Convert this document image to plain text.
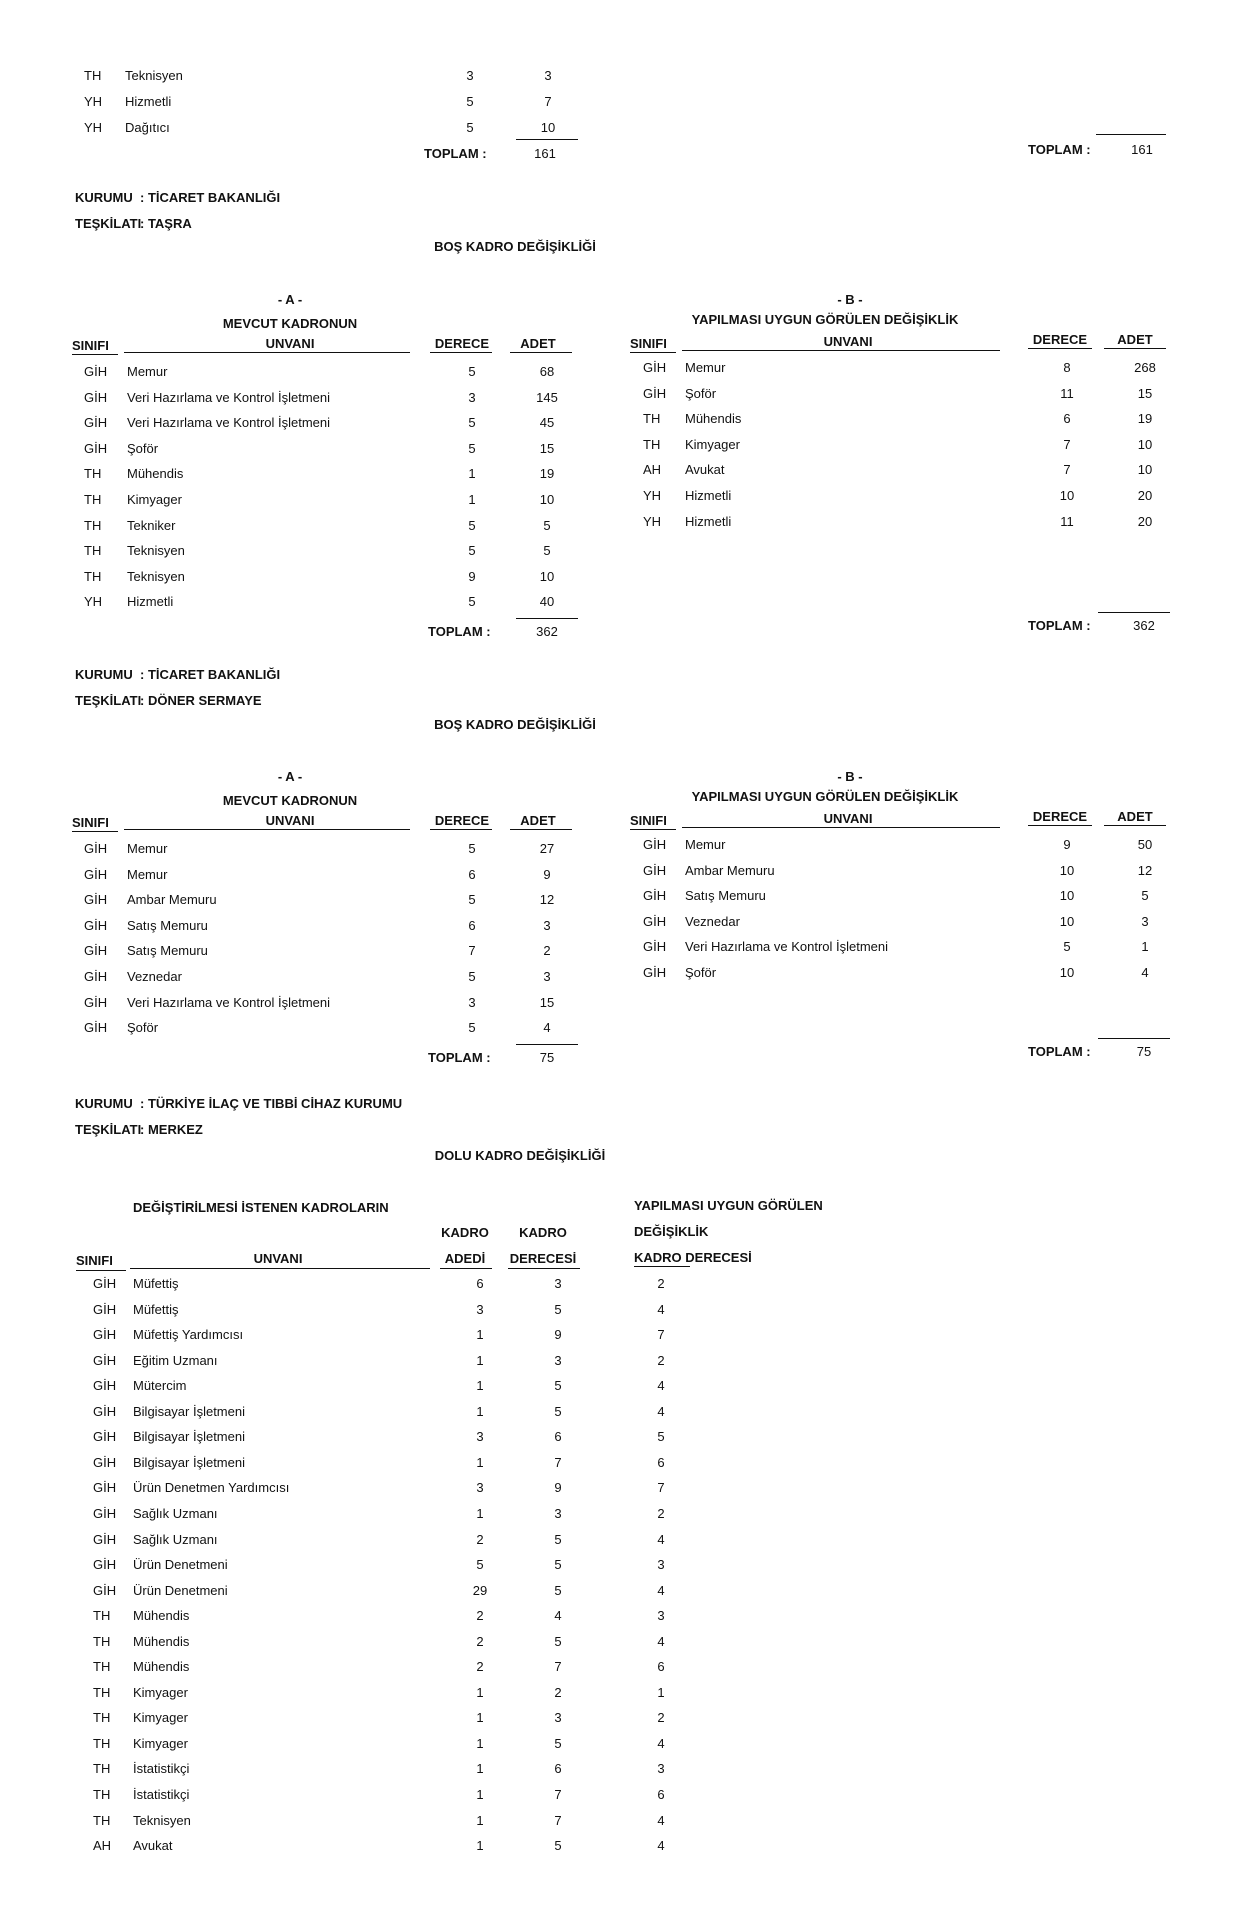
TH Teknisyen	3	3
YH Hizmetli	5	7
YH Dağıtıcı	5	10
TOPLAM :	161	TOPLAM :	161
KURUMU : TİCARET BAKANLIĞI
TEŞKİLATI
: TAŞRA
BOŞ KADRO DEĞİŞİKLİĞİ
- A -
MEVCUT KADRONUN
- B -
YAPILMASI UYGUN GÖRÜLEN DEĞİŞİKLİK
SINIFI	UNVANI	DERECE	ADET	SINIFI	UNVANI	DERECE	ADET
GİH Memur	5	68
GİH Veri Hazırlama ve Kontrol İşletmeni	3	145
GİH Veri Hazırlama ve Kontrol İşletmeni	5	45
GİH Şoför	5	15
TH Mühendis	1	19
TH Kimyager	1	10
TH Tekniker	5	5
TH Teknisyen	5	5
TH Teknisyen	9	10
YH Hizmetli	5	40
TOPLAM :	362
GİH Memur	8	268
GİH Şoför	11	15
TH Mühendis	6	19
TH Kimyager	7	10
AH Avukat	7	10
YH Hizmetli	10	20
YH Hizmetli	11	20
TOPLAM :	362
KURUMU : TİCARET BAKANLIĞI
TEŞKİLATI
: DÖNER SERMAYE
BOŞ KADRO DEĞİŞİKLİĞİ
- A -
MEVCUT KADRONUN
- B -
YAPILMASI UYGUN GÖRÜLEN DEĞİŞİKLİK
SINIFI	UNVANI	DERECE	ADET	SINIFI	UNVANI	DERECE	ADET
GİH Memur	5	27
GİH Memur	6	9
GİH Ambar Memuru	5	12
GİH Satış Memuru	6	3
GİH Satış Memuru	7	2
GİH Veznedar	5	3
GİH Veri Hazırlama ve Kontrol İşletmeni	3	15
GİH Şoför	5	4
TOPLAM :	75
GİH Memur	9	50
GİH Ambar Memuru	10	12
GİH Satış Memuru	10	5
GİH Veznedar	10	3
GİH Veri Hazırlama ve Kontrol İşletmeni	5	1
GİH Şoför	10	4
TOPLAM :	75
KURUMU : TÜRKİYE İLAÇ VE TIBBİ CİHAZ KURUMU
TEŞKİLATI
: MERKEZ
DOLU KADRO DEĞİŞİKLİĞİ
DEĞİŞTİRİLMESİ İSTENEN KADROLARIN
KADRO	KADRO
SINIFI	UNVANI	ADEDİ	DERECESİ
YAPILMASI UYGUN GÖRÜLEN
DEĞİŞİKLİK
KADRO DERECESİ
GİH Müfettiş	6	3	2
GİH Müfettiş	3	5	4
GİH Müfettiş Yardımcısı	1	9	7
GİH Eğitim Uzmanı	1	3	2
GİH Mütercim	1	5	4
GİH Bilgisayar İşletmeni	1	5	4
GİH Bilgisayar İşletmeni	3	6	5
GİH Bilgisayar İşletmeni	1	7	6
GİH Ürün Denetmen Yardımcısı	3	9	7
GİH Sağlık Uzmanı	1	3	2
GİH Sağlık Uzmanı	2	5	4
GİH Ürün Denetmeni	5	5	3
GİH Ürün Denetmeni	29	5	4
TH Mühendis	2	4	3
TH Mühendis	2	5	4
TH Mühendis	2	7	6
TH Kimyager	1	2	1
TH Kimyager	1	3	2
TH Kimyager	1	5	4
TH İstatistikçi	1	6	3
TH İstatistikçi	1	7	6
TH Teknisyen	1	7	4
AH Avukat	1	5	4
